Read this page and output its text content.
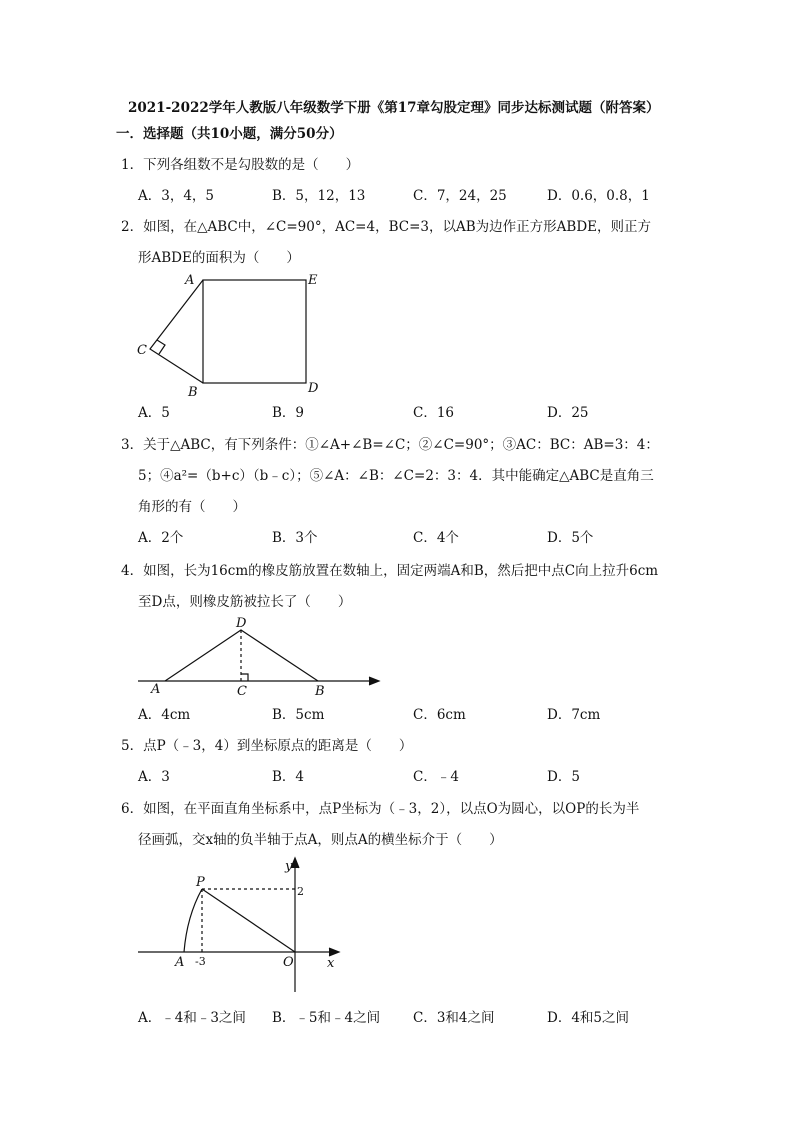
2021-2022学年人教版八年级数学下册《第17章勾股定理》同步达标测试题（附答案）
一．选择题（共10小题，满分50分）
1．下列各组数不是勾股数的是（　　）
A．3，4，5	B．5，12，13	C．7，24，25	D．0.6，0.8，1
2．如图，在△ABC中，∠C=90°，AC=4，BC=3，以AB为边作正方形ABDE，则正方
形ABDE的面积为（　　）
A	E
C
B	D
A．5	B．9	C．16	D．25
3．关于△ABC，有下列条件：①∠A+∠B=∠C；②∠C=90°；③AC：BC：AB=3：4：
5；④a²=（b+c）（b﹣c）；⑤∠A：∠B：∠C=2：3：4．其中能确定△ABC是直角三
角形的有（　　）
A．2个	B．3个	C．4个	D．5个
4．如图，长为16cm的橡皮筋放置在数轴上，固定两端A和B，然后把中点C向上拉升6cm
至D点，则橡皮筋被拉长了（　　）
D
A	C	B
A．4cm	B．5cm	C．6cm	D．7cm
5．点P（﹣3，4）到坐标原点的距离是（　　）
A．3	B．4	C．﹣4	D．5
6．如图，在平面直角坐标系中，点P坐标为（﹣3，2），以点O为圆心，以OP的长为半
径画弧，交x轴的负半轴于点A，则点A的横坐标介于（　　）
y
P
2
A -3	O	x
A．﹣4和﹣3之间 B．﹣5和﹣4之间 C．3和4之间	D．4和5之间
